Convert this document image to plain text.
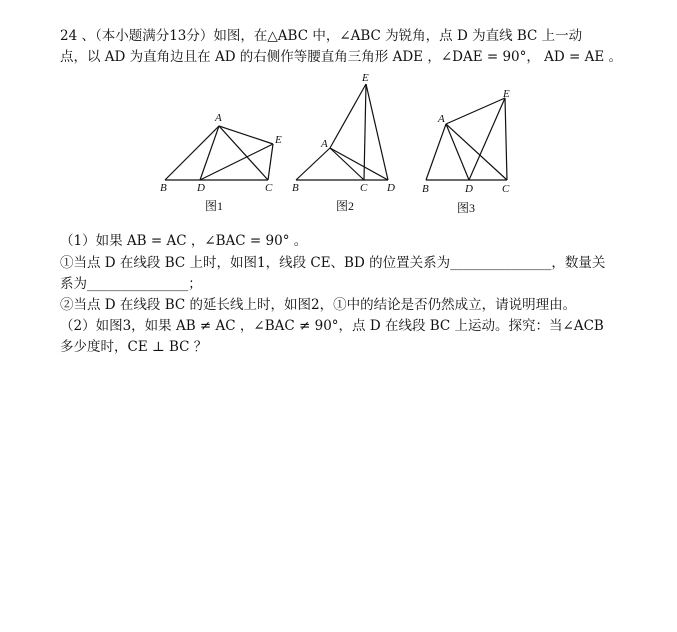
24 、（本小题满分13分）如图，在△ABC 中，∠ABC 为锐角，点 D 为直线 BC 上一动
点，以 AD 为直角边且在 AD 的右侧作等腰直角三角形 ADE ，∠DAE = 90°， AD = AE 。
A
B	D	C
E
图1
E
A
B	C D
图2
E
A
B	D	C
图3
（1）如果 AB = AC ，∠BAC = 90° 。
①当点 D 在线段 BC 上时，如图1，线段 CE、BD 的位置关系为_______________，数量关
系为_______________；
②当点 D 在线段 BC 的延长线上时，如图2，①中的结论是否仍然成立，请说明理由。
（2）如图3，如果 AB ≠ AC ，∠BAC ≠ 90°，点 D 在线段 BC 上运动。探究：当∠ACB
多少度时，CE ⊥ BC ？
